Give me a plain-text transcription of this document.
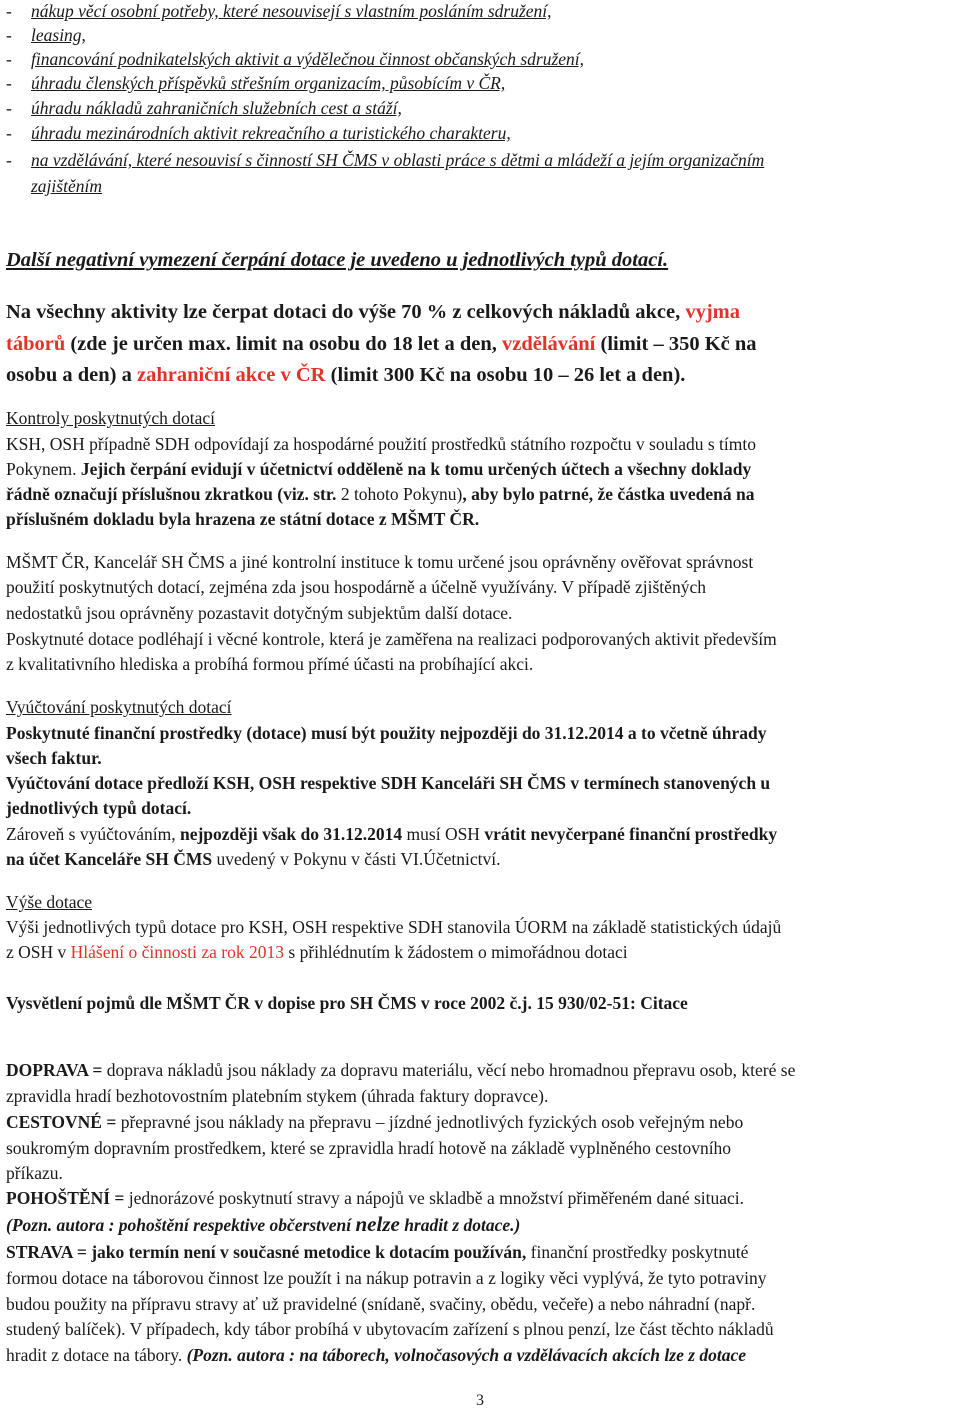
- nákup věcí osobní potřeby, které nesouvisejí s vlastním posláním sdružení,
- leasing,
- financování podnikatelských aktivit a výdělečnou činnost občanských sdružení,
- úhradu členských příspěvků střešním organizacím, působícím v ČR,
- úhradu nákladů zahraničních služebních cest a stáží,
- úhradu mezinárodních aktivit rekreačního a turistického charakteru,
- na vzdělávání, které nesouvisí s činností SH ČMS v oblasti práce s dětmi a mládeží a jejím organizačním
zajištěním
Další negativní vymezení čerpání dotace je uvedeno u jednotlivých typů dotací.
Na všechny aktivity lze čerpat dotaci do výše 70 % z celkových nákladů akce, vyjma
táborů (zde je určen max. limit na osobu do 18 let a den, vzdělávání (limit – 350 Kč na
osobu a den) a zahraniční akce v ČR (limit 300 Kč na osobu 10 – 26 let a den).
Kontroly poskytnutých dotací
KSH, OSH případně SDH odpovídají za hospodárné použití prostředků státního rozpočtu v souladu s tímto
Pokynem. Jejich čerpání evidují v účetnictví odděleně na k tomu určených účtech a všechny doklady
řádně označují příslušnou zkratkou (viz. str. 2 tohoto Pokynu), aby bylo patrné, že částka uvedená na
příslušném dokladu byla hrazena ze státní dotace z MŠMT ČR.
MŠMT ČR, Kancelář SH ČMS a jiné kontrolní instituce k tomu určené jsou oprávněny ověřovat správnost
použití poskytnutých dotací, zejména zda jsou hospodárně a účelně využívány. V případě zjištěných
nedostatků jsou oprávněny pozastavit dotyčným subjektům další dotace.
Poskytnuté dotace podléhají i věcné kontrole, která je zaměřena na realizaci podporovaných aktivit především
z kvalitativního hlediska a probíhá formou přímé účasti na probíhající akci.
Vyúčtování poskytnutých dotací
Poskytnuté finanční prostředky (dotace) musí být použity nejpozději do 31.12.2014 a to včetně úhrady
všech faktur.
Vyúčtování dotace předloží KSH, OSH respektive SDH Kanceláři SH ČMS v termínech stanovených u
jednotlivých typů dotací.
Zároveň s vyúčtováním, nejpozději však do 31.12.2014 musí OSH vrátit nevyčerpané finanční prostředky
na účet Kanceláře SH ČMS uvedený v Pokynu v části VI.Účetnictví.
Výše dotace
Výši jednotlivých typů dotace pro KSH, OSH respektive SDH stanovila ÚORM na základě statistických údajů
z OSH v Hlášení o činnosti za rok 2013 s přihlédnutím k žádostem o mimořádnou dotaci
Vysvětlení pojmů dle MŠMT ČR v dopise pro SH ČMS v roce 2002 č.j. 15 930/02-51: Citace
DOPRAVA = doprava nákladů jsou náklady za dopravu materiálu, věcí nebo hromadnou přepravu osob, které se
zpravidla hradí bezhotovostním platebním stykem (úhrada faktury dopravce).
CESTOVNÉ = přepravné jsou náklady na přepravu – jízdné jednotlivých fyzických osob veřejným nebo
soukromým dopravním prostředkem, které se zpravidla hradí hotově na základě vyplněného cestovního
příkazu.
POHOŠTĚNÍ = jednorázové poskytnutí stravy a nápojů ve skladbě a množství přiměřeném dané situaci.
(Pozn. autora : pohoštění respektive občerstvení nelze hradit z dotace.)
STRAVA = jako termín není v současné metodice k dotacím používán, finanční prostředky poskytnuté
formou dotace na táborovou činnost lze použít i na nákup potravin a z logiky věci vyplývá, že tyto potraviny
budou použity na přípravu stravy ať už pravidelné (snídaně, svačiny, obědu, večeře) a nebo náhradní (např.
studený balíček). V případech, kdy tábor probíhá v ubytovacím zařízení s plnou penzí, lze část těchto nákladů
hradit z dotace na tábory. (Pozn. autora : na táborech, volnočasových a vzdělávacích akcích lze z dotace
3
